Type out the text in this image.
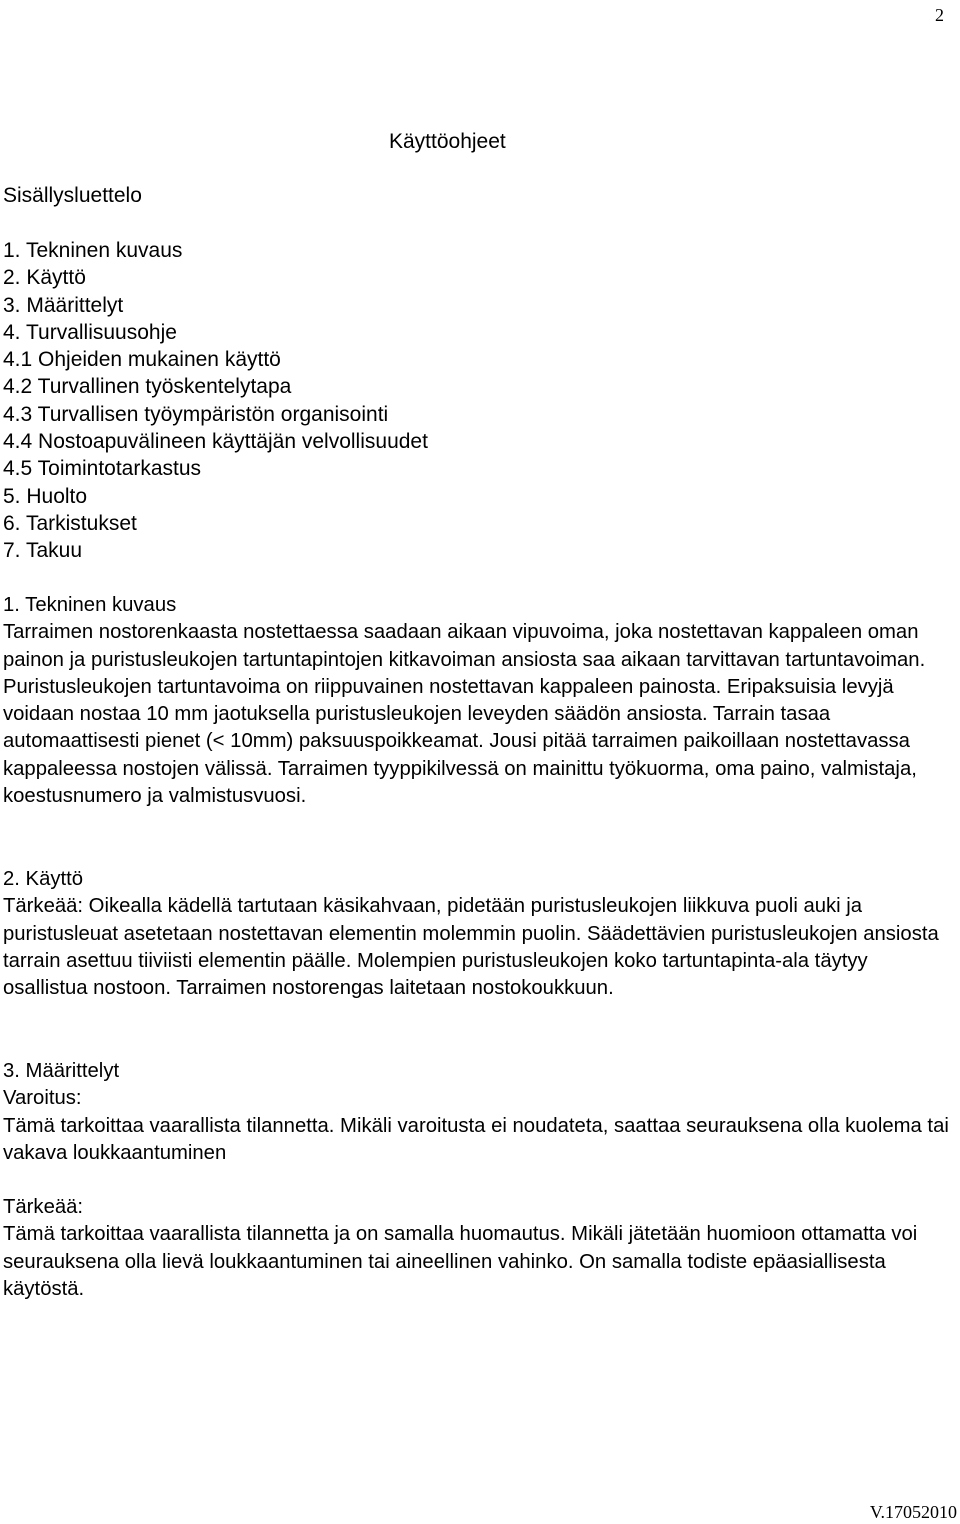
2
Käyttöohjeet
Sisällysluettelo
1. Tekninen kuvaus
2. Käyttö
3. Määrittelyt
4. Turvallisuusohje
4.1 Ohjeiden mukainen käyttö
4.2 Turvallinen työskentelytapa
4.3 Turvallisen työympäristön organisointi
4.4 Nostoapuvälineen käyttäjän velvollisuudet
4.5 Toimintotarkastus
5. Huolto
6. Tarkistukset
7. Takuu

1. Tekninen kuvaus

Tarraimen nostorenkaasta nostettaessa saadaan aikaan vipuvoima, joka nostettavan kappaleen oman painon ja puristusleukojen tartuntapintojen kitkavoiman ansiosta saa aikaan tarvittavan tartuntavoiman. Puristusleukojen tartuntavoima on riippuvainen nostettavan kappaleen painosta. Eripaksuisia levyjä voidaan nostaa 10 mm jaotuksella puristusleukojen leveyden säädön ansiosta. Tarrain tasaa automaattisesti pienet (< 10mm) paksuuspoikkeamat. Jousi pitää tarraimen paikoillaan nostettavassa kappaleessa nostojen välissä. Tarraimen tyyppikilvessä on mainittu työkuorma, oma paino, valmistaja, koestusnumero ja valmistusvuosi.

2. Käyttö

Tärkeää: Oikealla kädellä tartutaan käsikahvaan, pidetään puristusleukojen liikkuva puoli auki ja puristusleuat asetetaan nostettavan elementin molemmin puolin. Säädettävien puristusleukojen ansiosta tarrain asettuu tiiviisti elementin päälle. Molempien puristusleukojen koko tartuntapinta-ala täytyy osallistua nostoon. Tarraimen nostorengas laitetaan nostokoukkuun.

3. Määrittelyt

Varoitus:

Tämä tarkoittaa vaarallista tilannetta. Mikäli varoitusta ei noudateta, saattaa seurauksena olla kuolema tai vakava loukkaantuminen

Tärkeää:

Tämä tarkoittaa vaarallista tilannetta ja on samalla huomautus. Mikäli jätetään huomioon ottamatta voi seurauksena olla lievä loukkaantuminen tai aineellinen vahinko. On samalla todiste epäasiallisesta käytöstä.

V.17052010
